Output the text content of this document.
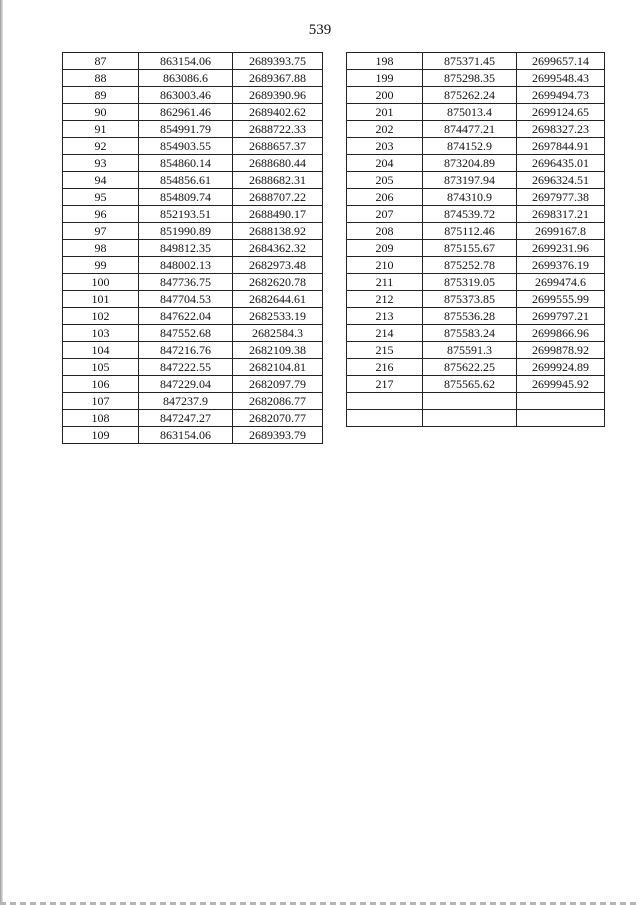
539
87	863154.06	2689393.75
88	863086.6	2689367.88
89	863003.46	2689390.96
90	862961.46	2689402.62
91	854991.79	2688722.33
92	854903.55	2688657.37
93	854860.14	2688680.44
94	854856.61	2688682.31
95	854809.74	2688707.22
96	852193.51	2688490.17
97	851990.89	2688138.92
98	849812.35	2684362.32
99	848002.13	2682973.48
100	847736.75	2682620.78
101	847704.53	2682644.61
102	847622.04	2682533.19
103	847552.68	2682584.3
104	847216.76	2682109.38
105	847222.55	2682104.81
106	847229.04	2682097.79
107	847237.9	2682086.77
108	847247.27	2682070.77
109	863154.06	2689393.79
198	875371.45	2699657.14
199	875298.35	2699548.43
200	875262.24	2699494.73
201	875013.4	2699124.65
202	874477.21	2698327.23
203	874152.9	2697844.91
204	873204.89	2696435.01
205	873197.94	2696324.51
206	874310.9	2697977.38
207	874539.72	2698317.21
208	875112.46	2699167.8
209	875155.67	2699231.96
210	875252.78	2699376.19
211	875319.05	2699474.6
212	875373.85	2699555.99
213	875536.28	2699797.21
214	875583.24	2699866.96
215	875591.3	2699878.92
216	875622.25	2699924.89
217	875565.62	2699945.92
